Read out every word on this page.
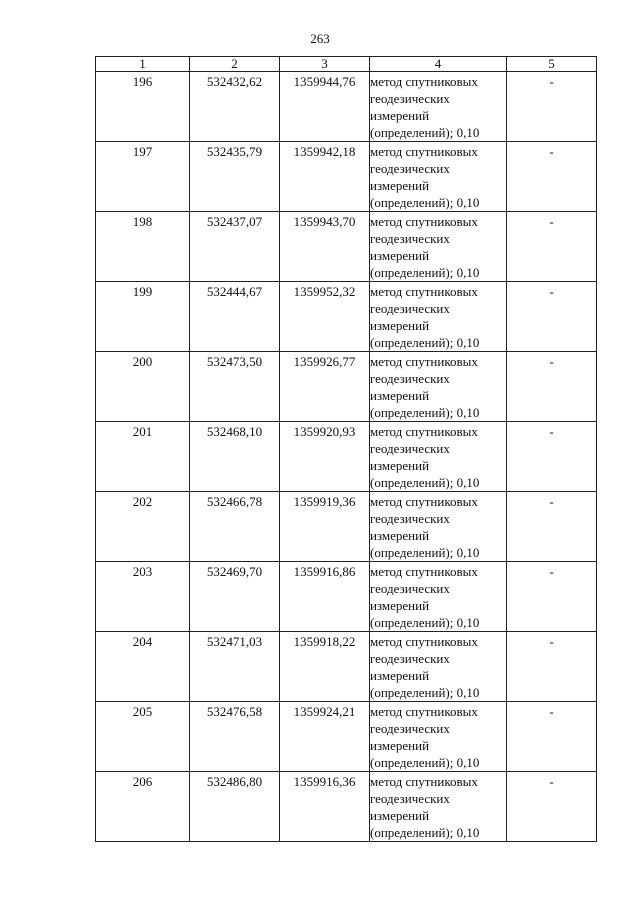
263
1	2	3	4	5
196	532432,62	1359944,76	метод спутниковых
геодезических
измерений
(определений); 0,10	-
197	532435,79	1359942,18	метод спутниковых
геодезических
измерений
(определений); 0,10	-
198	532437,07	1359943,70	метод спутниковых
геодезических
измерений
(определений); 0,10	-
199	532444,67	1359952,32	метод спутниковых
геодезических
измерений
(определений); 0,10	-
200	532473,50	1359926,77	метод спутниковых
геодезических
измерений
(определений); 0,10	-
201	532468,10	1359920,93	метод спутниковых
геодезических
измерений
(определений); 0,10	-
202	532466,78	1359919,36	метод спутниковых
геодезических
измерений
(определений); 0,10	-
203	532469,70	1359916,86	метод спутниковых
геодезических
измерений
(определений); 0,10	-
204	532471,03	1359918,22	метод спутниковых
геодезических
измерений
(определений); 0,10	-
205	532476,58	1359924,21	метод спутниковых
геодезических
измерений
(определений); 0,10	-
206	532486,80	1359916,36	метод спутниковых
геодезических
измерений
(определений); 0,10	-
